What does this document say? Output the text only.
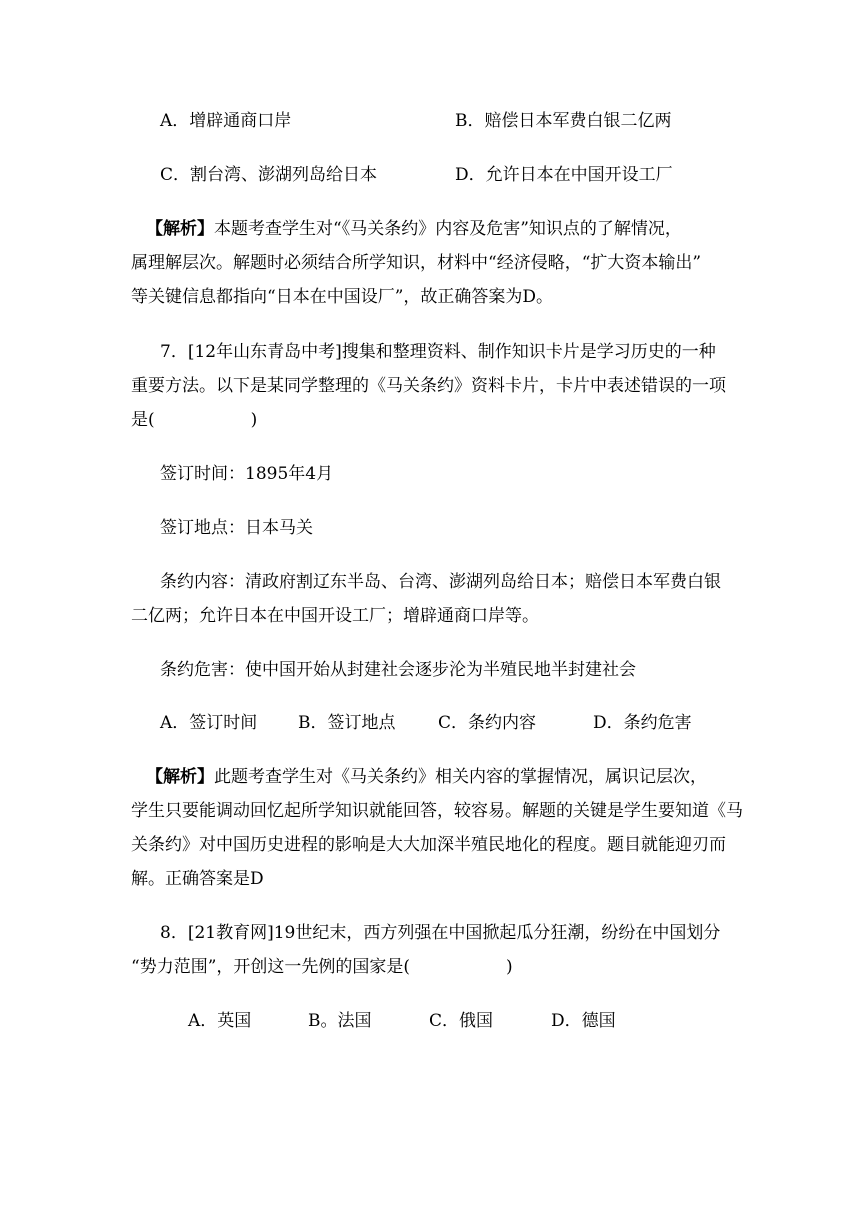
A．增辟通商口岸	B．赔偿日本军费白银二亿两
C．割台湾、澎湖列岛给日本	D．允许日本在中国开设工厂
【解析】本题考查学生对“《马关条约》内容及危害”知识点的了解情况，
属理解层次。解题时必须结合所学知识，材料中“经济侵略，“扩大资本输出”
等关键信息都指向“日本在中国设厂”，故正确答案为D。
7．[12年山东青岛中考]搜集和整理资料、制作知识卡片是学习历史的一种
重要方法。以下是某同学整理的《马关条约》资料卡片，卡片中表述错误的一项
是(	)
签订时间：1895年4月
签订地点：日本马关
条约内容：清政府割辽东半岛、台湾、澎湖列岛给日本；赔偿日本军费白银
二亿两；允许日本在中国开设工厂；增辟通商口岸等。
条约危害：使中国开始从封建社会逐步沦为半殖民地半封建社会
A．签订时间 B．签订地点	C．条约内容	D．条约危害
【解析】此题考查学生对《马关条约》相关内容的掌握情况，属识记层次，
学生只要能调动回忆起所学知识就能回答，较容易。解题的关键是学生要知道《马
关条约》对中国历史进程的影响是大大加深半殖民地化的程度。题目就能迎刃而
解。正确答案是D
8．[21教育网]19世纪末，西方列强在中国掀起瓜分狂潮，纷纷在中国划分
“势力范围”，开创这一先例的国家是(	)
A．英国	B。法国	C．俄国	D．德国
